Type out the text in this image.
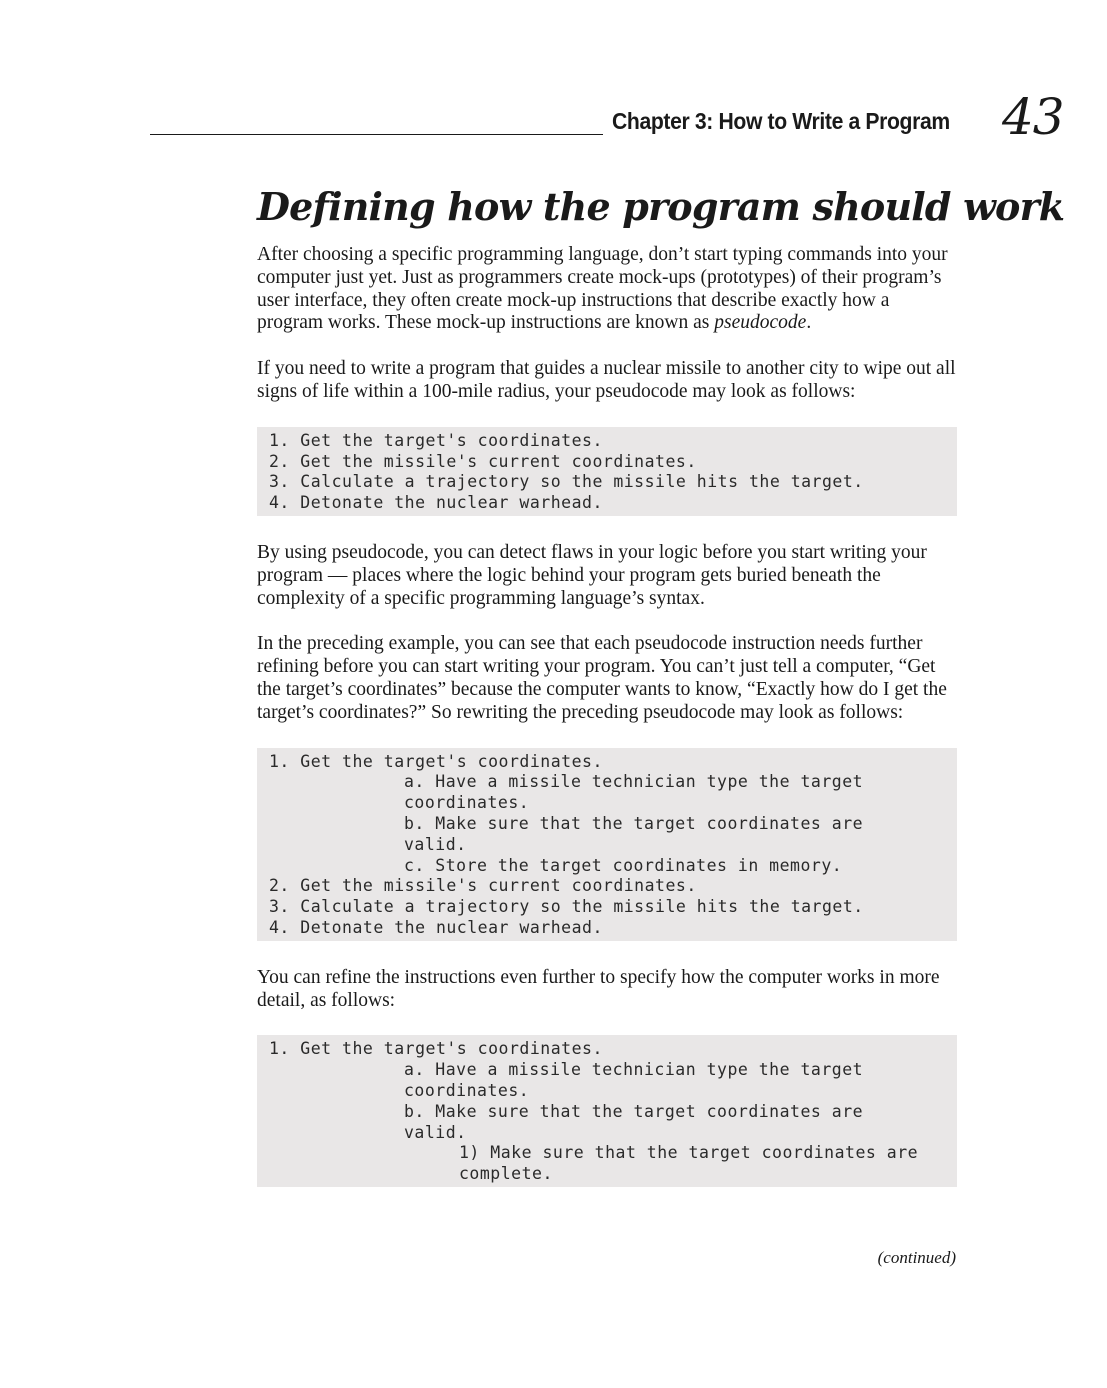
Chapter 3: How to Write a Program 43
Defining how the program should work

After choosing a specific programming language, don’t start typing commands into your computer just yet. Just as programmers create mock-ups (prototypes) of their program’s user interface, they often create mock-up instructions that describe exactly how a program works. These mock-up instructions are known as pseudocode.

If you need to write a program that guides a nuclear missile to another city to wipe out all signs of life within a 100-mile radius, your pseudocode may look as follows:

1. Get the target's coordinates.
2. Get the missile's current coordinates.
3. Calculate a trajectory so the missile hits the target.
4. Detonate the nuclear warhead.

By using pseudocode, you can detect flaws in your logic before you start writing your program — places where the logic behind your program gets buried beneath the complexity of a specific programming language’s syntax.

In the preceding example, you can see that each pseudocode instruction needs further refining before you can start writing your program. You can’t just tell a computer, “Get the target’s coordinates” because the computer wants to know, “Exactly how do I get the target’s coordinates?” So rewriting the preceding pseudocode may look as follows:

1. Get the target's coordinates.
a. Have a missile technician type the target coordinates.
b. Make sure that the target coordinates are valid.
c. Store the target coordinates in memory.
2. Get the missile's current coordinates.
3. Calculate a trajectory so the missile hits the target.
4. Detonate the nuclear warhead.

You can refine the instructions even further to specify how the computer works in more detail, as follows:

1. Get the target's coordinates.
a. Have a missile technician type the target coordinates.
b. Make sure that the target coordinates are valid.
1) Make sure that the target coordinates are complete.
(continued)
